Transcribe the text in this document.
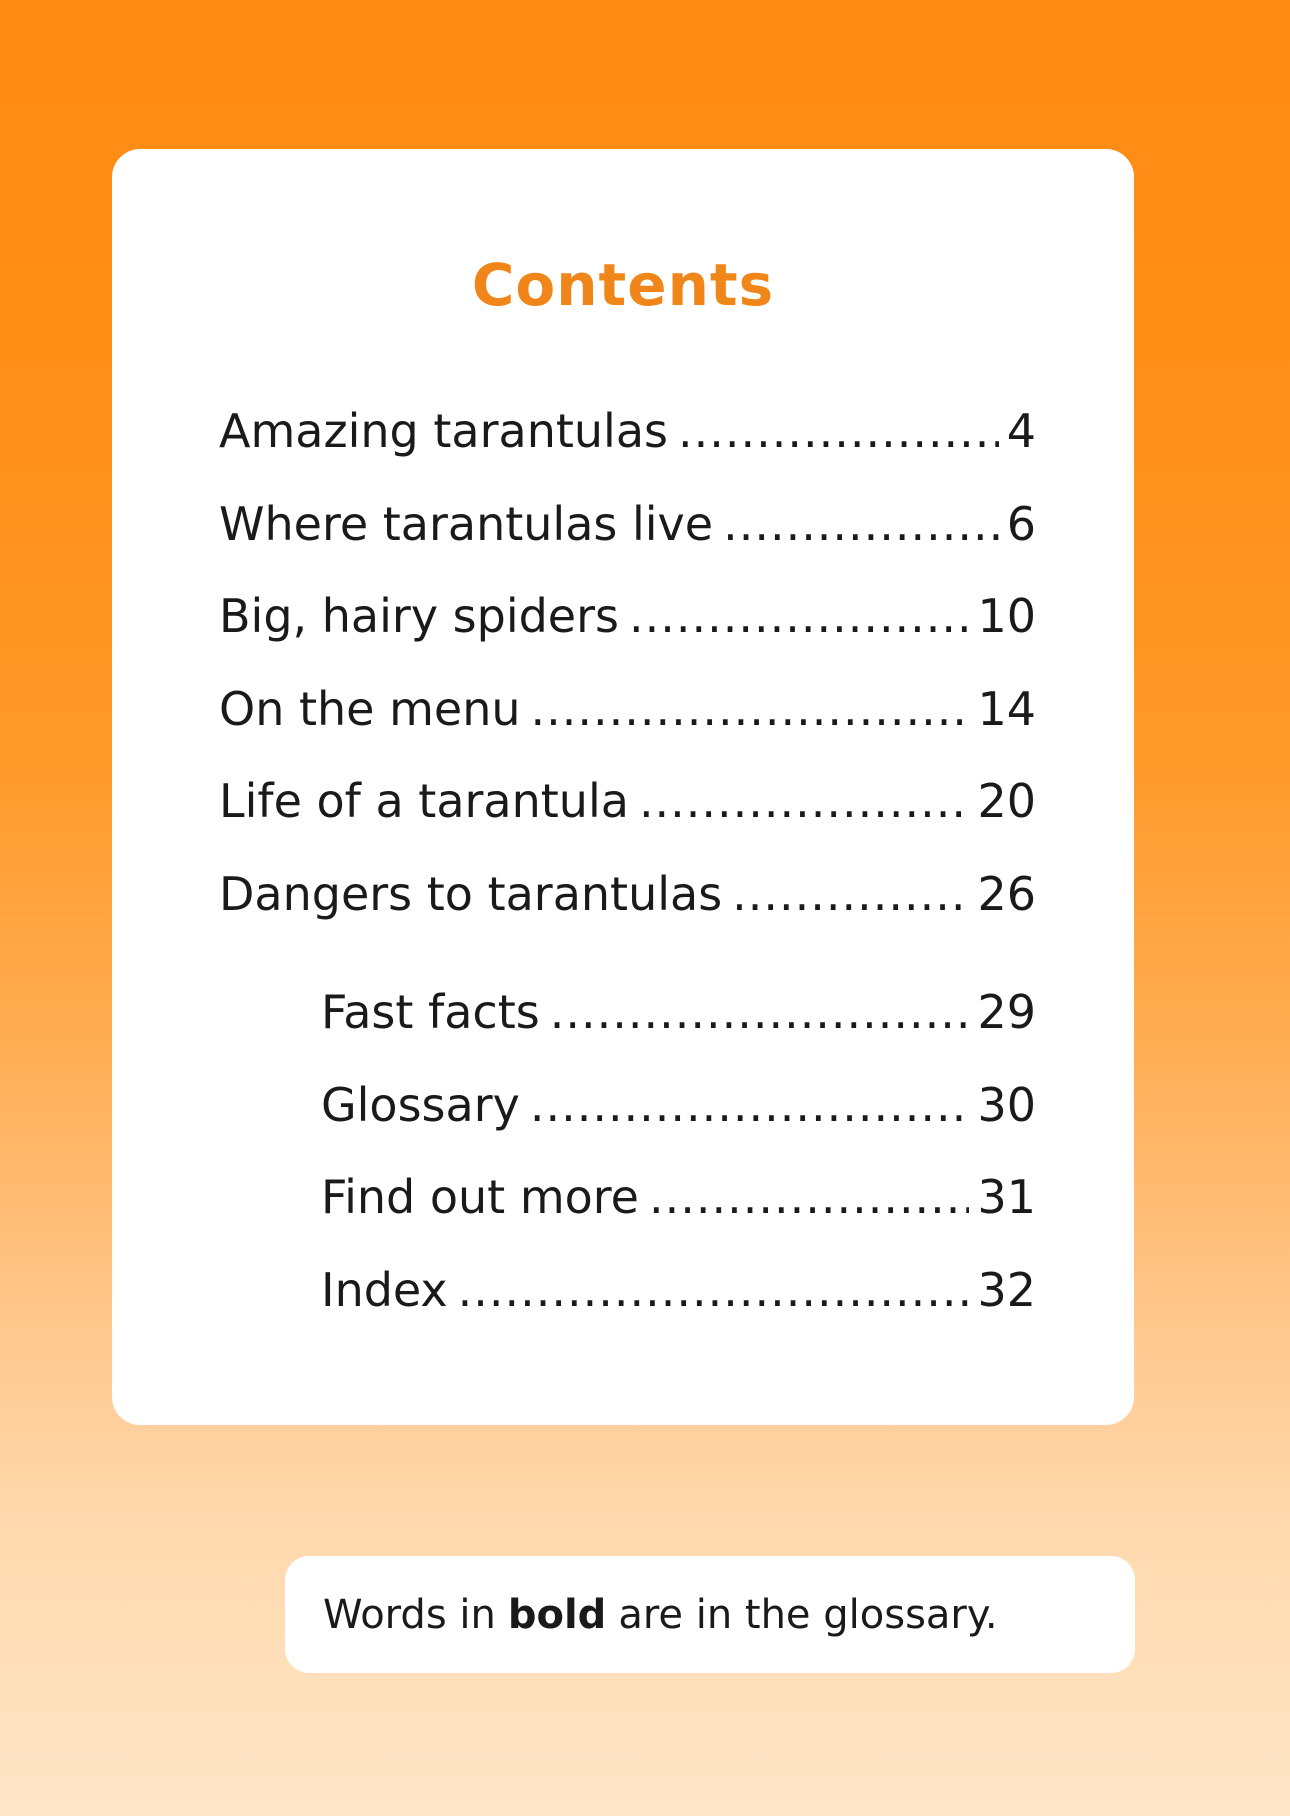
Contents
Amazing tarantulas .....	4
Where tarantulas live .....	6
Big, hairy spiders .....	10
On the menu .....	14
Life of a tarantula .....	20
Dangers to tarantulas .....	26
Fast facts .....	29
Glossary .....	30
Find out more .....	31
Index .....	32
Words in bold are in the glossary.
